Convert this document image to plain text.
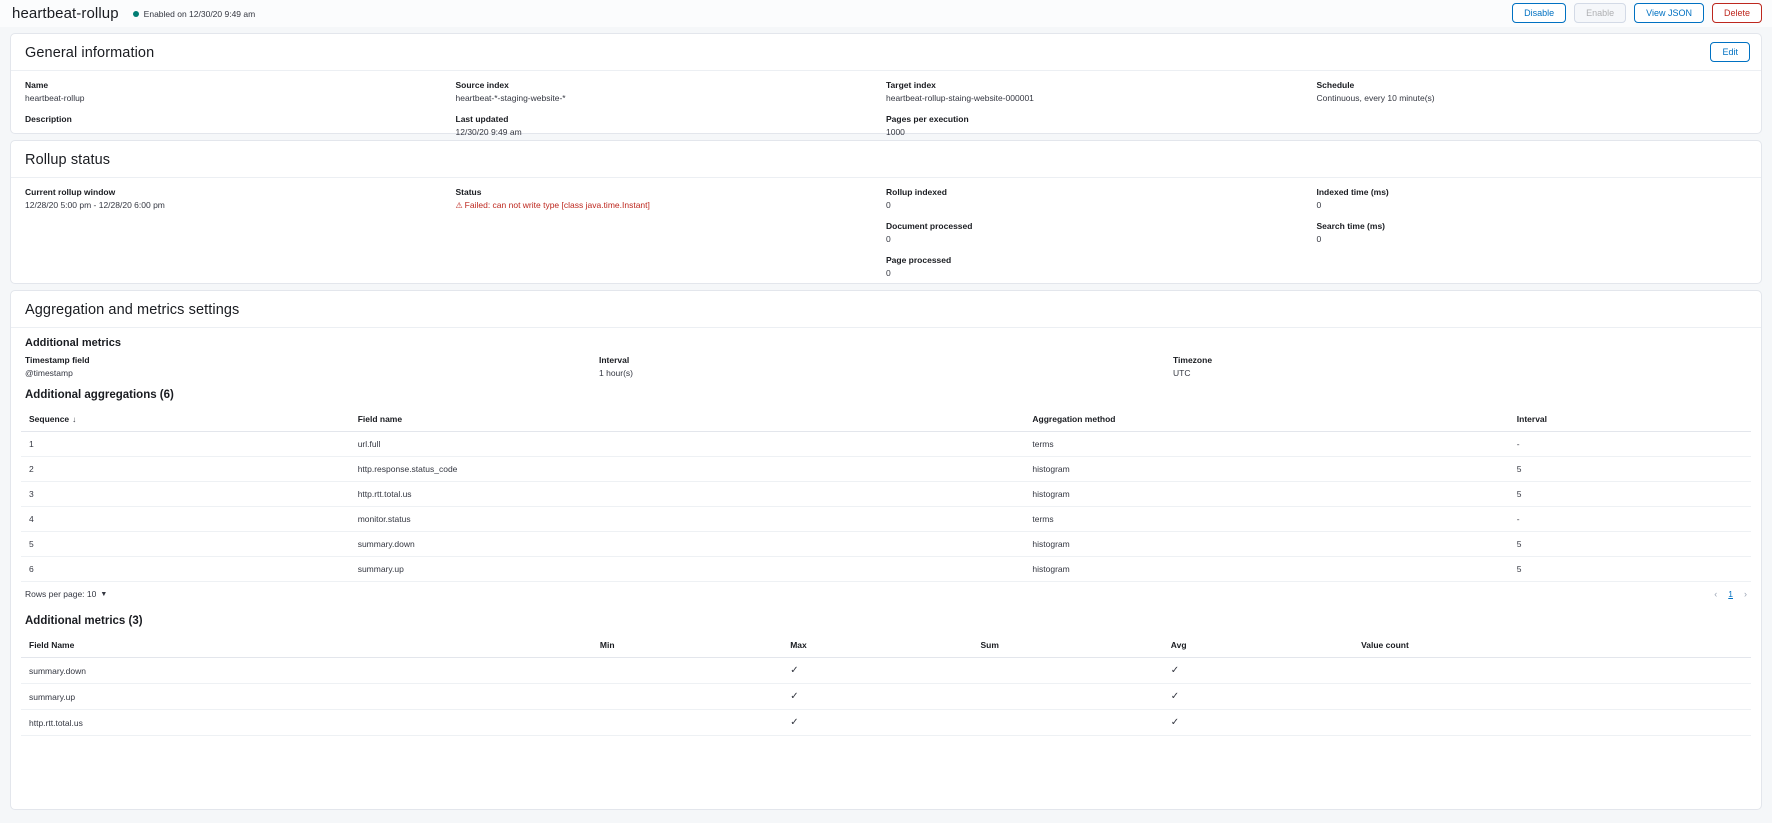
heartbeat-rollup	Enabled on 12/30/20 9:49 am	Disable	Enable	View JSON	Delete
General information	Edit
Name
heartbeat-rollup
Source index
heartbeat-*-staging-website-*
Target index
heartbeat-rollup-staing-website-000001
Schedule
Continuous, every 10 minute(s)
Description	Last updated
12/30/20 9:49 am
Pages per execution
1000
Rollup status
Current rollup window
12/28/20 5:00 pm - 12/28/20 6:00 pm
Status
⚠ Failed: can not write type [class java.time.Instant]
Rollup indexed
0
Document processed
0
Page processed
0
Indexed time (ms)
0
Search time (ms)
0
Aggregation and metrics settings
Additional metrics
Timestamp field
@timestamp
Interval
1 hour(s)
Timezone
UTC
Additional aggregations (6)
Sequence ↓	Field name	Aggregation method	Interval
1	url.full	terms	-
2	http.response.status_code	histogram	5
3	http.rtt.total.us	histogram	5
4	monitor.status	terms	-
5	summary.down	histogram	5
6	summary.up	histogram	5
Rows per page: 10 ▼	‹ 1 ›
Additional metrics (3)
Field Name	Min	Max	Sum	Avg	Value count
summary.down		✓		✓	
summary.up		✓		✓	
http.rtt.total.us		✓		✓	
